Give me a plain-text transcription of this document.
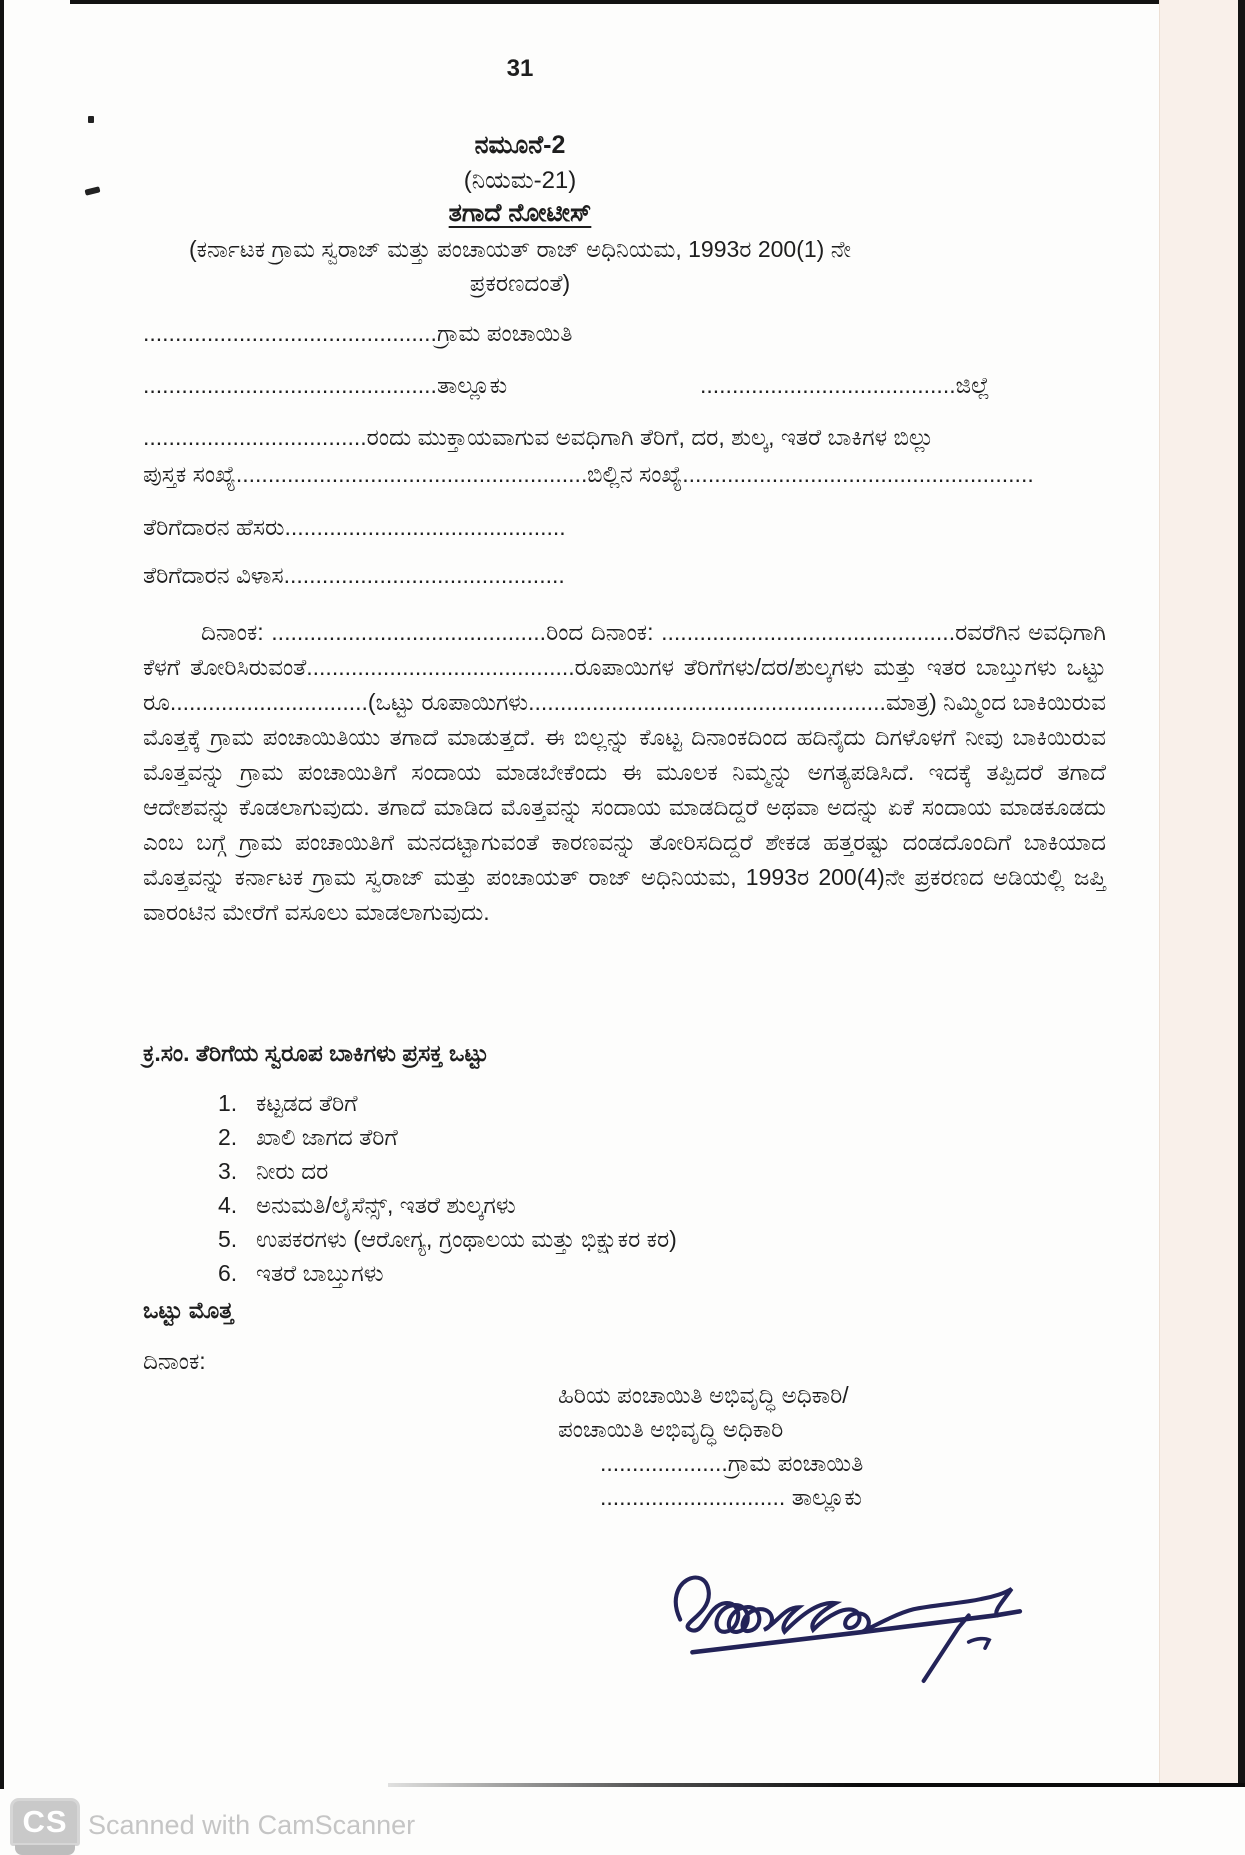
31
ನಮೂನೆ-2
(ನಿಯಮ-21)
ತಗಾದೆ ನೋಟೀಸ್
(ಕರ್ನಾಟಕ ಗ್ರಾಮ ಸ್ವರಾಜ್ ಮತ್ತು ಪಂಚಾಯತ್ ರಾಜ್ ಅಧಿನಿಯಮ, 1993ರ 200(1) ನೇ
ಪ್ರಕರಣದಂತೆ)
..............................................ಗ್ರಾಮ ಪಂಚಾಯಿತಿ
..............................................ತಾಲ್ಲೂಕು	........................................ಜಿಲ್ಲೆ
...................................ರಂದು ಮುಕ್ತಾಯವಾಗುವ ಅವಧಿಗಾಗಿ ತೆರಿಗೆ, ದರ, ಶುಲ್ಕ, ಇತರೆ ಬಾಕಿಗಳ ಬಿಲ್ಲು
ಪುಸ್ತಕ ಸಂಖ್ಯೆ....................................................... ಬಿಲ್ಲಿನ ಸಂಖ್ಯೆ.......................................................
ತೆರಿಗೆದಾರನ ಹೆಸರು............................................
ತೆರಿಗೆದಾರನ ವಿಳಾಸ............................................
ದಿನಾಂಕ: ...........................................ರಿಂದ ದಿನಾಂಕ: ..............................................ರವರೆಗಿನ ಅವಧಿಗಾಗಿ ಕೆಳಗೆ ತೋರಿಸಿರುವಂತೆ..........................................ರೂಪಾಯಿಗಳ ತೆರಿಗೆಗಳು/ದರ/ಶುಲ್ಕಗಳು ಮತ್ತು ಇತರ ಬಾಬ್ತುಗಳು ಒಟ್ಟು ರೂ...............................(ಒಟ್ಟು ರೂಪಾಯಿಗಳು........................................................ಮಾತ್ರ) ನಿಮ್ಮಿಂದ ಬಾಕಿಯಿರುವ ಮೊತ್ತಕ್ಕೆ ಗ್ರಾಮ ಪಂಚಾಯಿತಿಯು ತಗಾದೆ ಮಾಡುತ್ತದೆ. ಈ ಬಿಲ್ಲನ್ನು ಕೊಟ್ಟ ದಿನಾಂಕದಿಂದ ಹದಿನೈದು ದಿಗಳೊಳಗೆ ನೀವು ಬಾಕಿಯಿರುವ ಮೊತ್ತವನ್ನು ಗ್ರಾಮ ಪಂಚಾಯಿತಿಗೆ ಸಂದಾಯ ಮಾಡಬೇಕೆಂದು ಈ ಮೂಲಕ ನಿಮ್ಮನ್ನು ಅಗತ್ಯಪಡಿಸಿದೆ. ಇದಕ್ಕೆ ತಪ್ಪಿದರೆ ತಗಾದೆ ಆದೇಶವನ್ನು ಕೊಡಲಾಗುವುದು. ತಗಾದೆ ಮಾಡಿದ ಮೊತ್ತವನ್ನು ಸಂದಾಯ ಮಾಡದಿದ್ದರೆ ಅಥವಾ ಅದನ್ನು ಏಕೆ ಸಂದಾಯ ಮಾಡಕೂಡದು ಎಂಬ ಬಗ್ಗೆ ಗ್ರಾಮ ಪಂಚಾಯಿತಿಗೆ ಮನದಟ್ಟಾಗುವಂತೆ ಕಾರಣವನ್ನು ತೋರಿಸದಿದ್ದರೆ ಶೇಕಡ ಹತ್ತರಷ್ಟು ದಂಡದೊಂದಿಗೆ ಬಾಕಿಯಾದ ಮೊತ್ತವನ್ನು ಕರ್ನಾಟಕ ಗ್ರಾಮ ಸ್ವರಾಜ್ ಮತ್ತು ಪಂಚಾಯತ್ ರಾಜ್ ಅಧಿನಿಯಮ, 1993ರ 200(4)ನೇ ಪ್ರಕರಣದ ಅಡಿಯಲ್ಲಿ ಜಪ್ತಿ ವಾರಂಟಿನ ಮೇರೆಗೆ ವಸೂಲು ಮಾಡಲಾಗುವುದು.
ಕ್ರ.ಸಂ. ತೆರಿಗೆಯ ಸ್ವರೂಪ ಬಾಕಿಗಳು ಪ್ರಸಕ್ತ ಒಟ್ಟು
1. ಕಟ್ಟಡದ ತೆರಿಗೆ
2. ಖಾಲಿ ಜಾಗದ ತೆರಿಗೆ
3. ನೀರು ದರ
4. ಅನುಮತಿ/ಲೈಸೆನ್ಸ್, ಇತರೆ ಶುಲ್ಕಗಳು
5. ಉಪಕರಗಳು (ಆರೋಗ್ಯ, ಗ್ರಂಥಾಲಯ ಮತ್ತು ಭಿಕ್ಷುಕರ ಕರ)
6. ಇತರೆ ಬಾಬ್ತುಗಳು
ಒಟ್ಟು ಮೊತ್ತ
ದಿನಾಂಕ:
ಹಿರಿಯ ಪಂಚಾಯಿತಿ ಅಭಿವೃದ್ಧಿ ಅಧಿಕಾರಿ/
ಪಂಚಾಯಿತಿ ಅಭಿವೃದ್ಧಿ ಅಧಿಕಾರಿ
....................ಗ್ರಾಮ ಪಂಚಾಯಿತಿ
............................. ತಾಲ್ಲೂಕು
CS Scanned with CamScanner
